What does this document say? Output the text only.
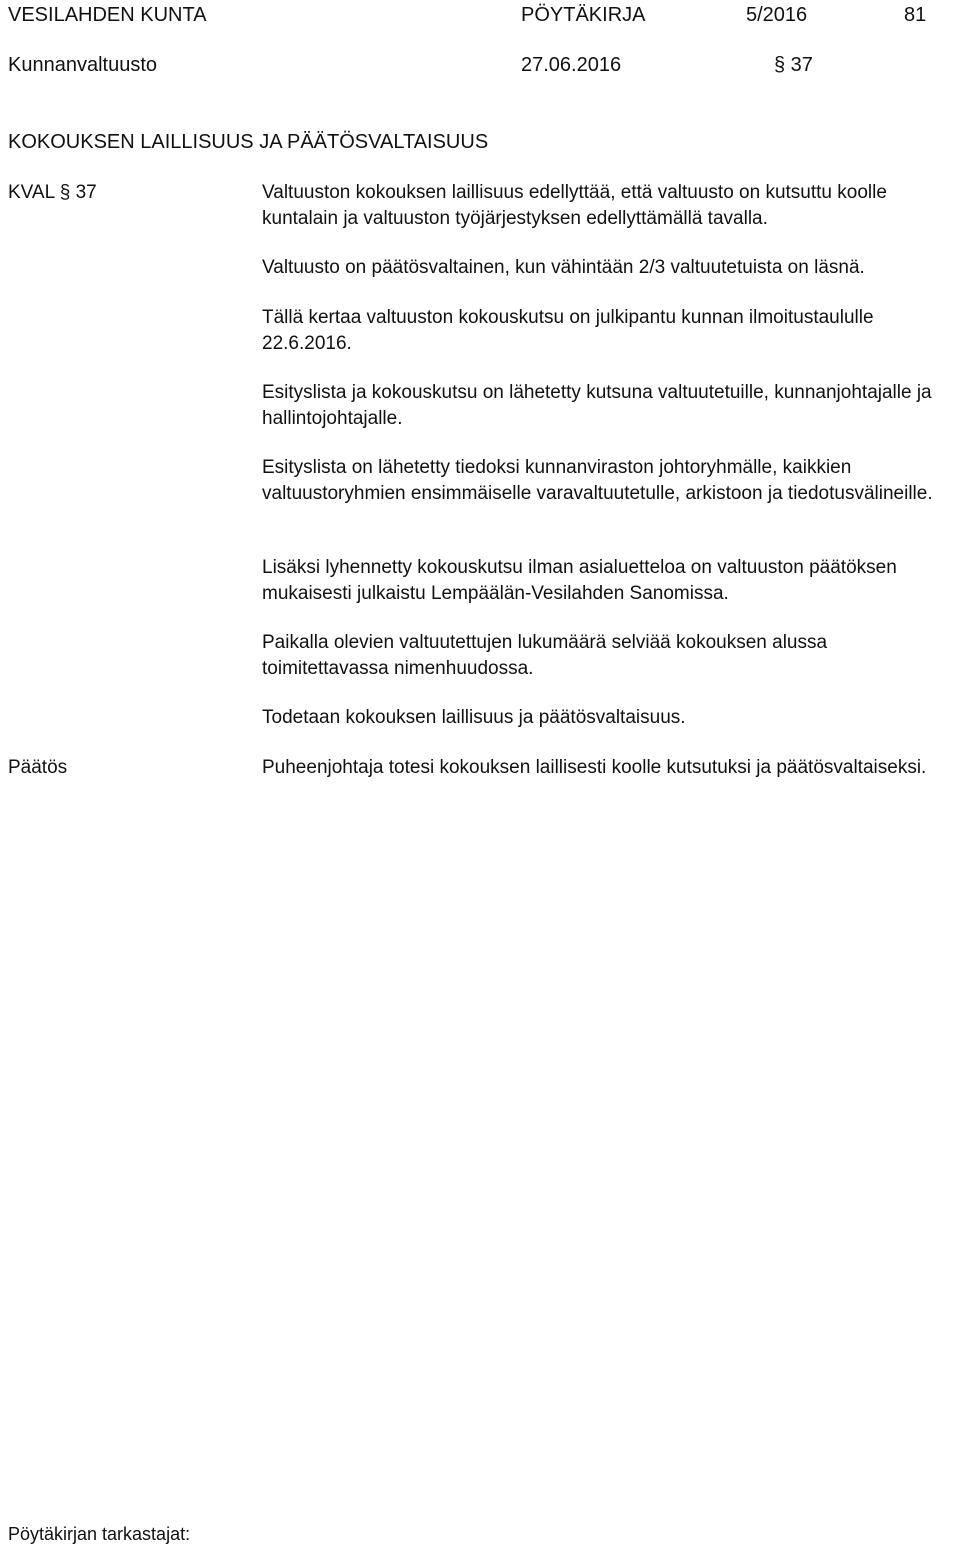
VESILAHDEN KUNTA	PÖYTÄKIRJA	5/2016	81
Kunnanvaltuusto	27.06.2016	§ 37
KOKOUKSEN LAILLISUUS JA PÄÄTÖSVALTAISUUS
KVAL § 37	Valtuuston kokouksen laillisuus edellyttää, että valtuusto on kutsuttu koolle kuntalain ja valtuuston työjärjestyksen edellyttämällä tavalla.
Valtuusto on päätösvaltainen, kun vähintään 2/3 valtuutetuista on läsnä.
Tällä kertaa valtuuston kokouskutsu on julkipantu kunnan ilmoitustaululle 22.6.2016.
Esityslista ja kokouskutsu on lähetetty kutsuna valtuutetuille, kunnanjohtajalle ja hallintojohtajalle.
Esityslista on lähetetty tiedoksi kunnanviraston johtoryhmälle, kaikkien valtuustoryhmien ensimmäiselle varavaltuutetulle, arkistoon ja tiedotusvälineille.
Lisäksi lyhennetty kokouskutsu ilman asialuetteloa on valtuuston päätöksen mukaisesti julkaistu Lempäälän-Vesilahden Sanomissa.
Paikalla olevien valtuutettujen lukumäärä selviää kokouksen alussa toimitettavassa nimenhuudossa.
Todetaan kokouksen laillisuus ja päätösvaltaisuus.
Päätös	Puheenjohtaja totesi kokouksen laillisesti koolle kutsutuksi ja päätösvaltaiseksi.
Pöytäkirjan tarkastajat:
